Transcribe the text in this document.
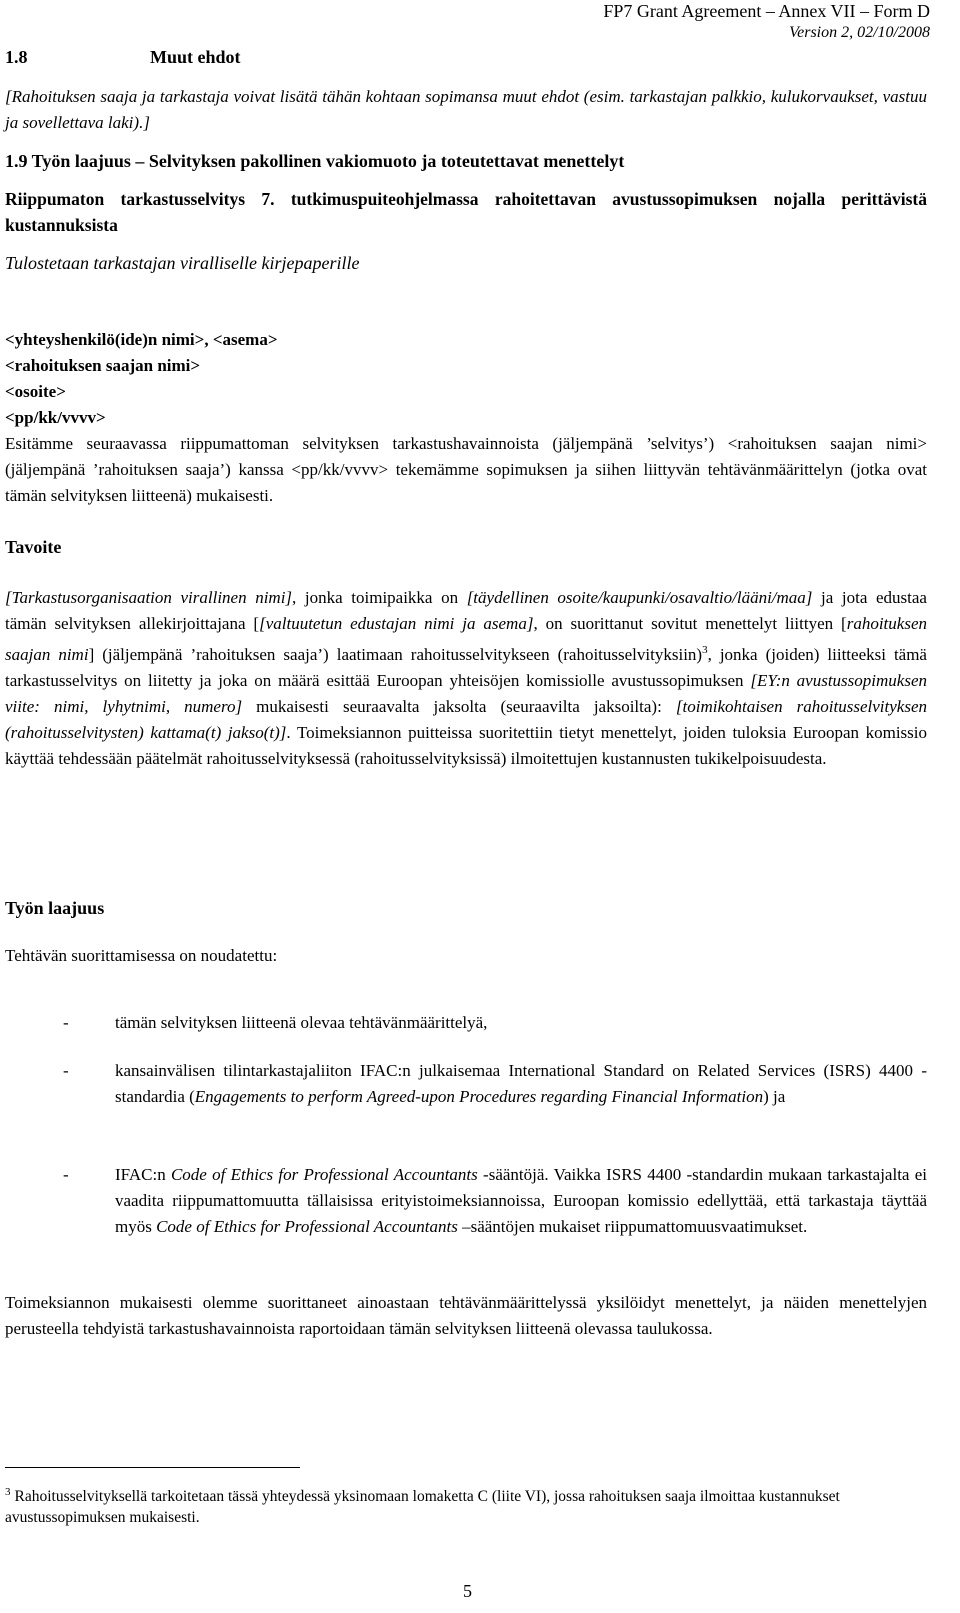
FP7 Grant Agreement – Annex VII – Form D
Version 2, 02/10/2008
1.8	Muut ehdot
[Rahoituksen saaja ja tarkastaja voivat lisätä tähän kohtaan sopimansa muut ehdot (esim. tarkastajan palkkio, kulukorvaukset, vastuu ja sovellettava laki).]
1.9 Työn laajuus – Selvityksen pakollinen vakiomuoto ja toteutettavat menettelyt
Riippumaton tarkastusselvitys 7. tutkimuspuiteohjelmassa rahoitettavan avustussopimuksen nojalla perittävistä kustannuksista
Tulostetaan tarkastajan viralliselle kirjepaperille
<yhteyshenkilö(ide)n nimi>, <asema>
<rahoituksen saajan nimi>
<osoite>
<pp/kk/vvvv>
Esitämme seuraavassa riippumattoman selvityksen tarkastushavainnoista (jäljempänä ’selvitys’) <rahoituksen saajan nimi> (jäljempänä ’rahoituksen saaja’) kanssa <pp/kk/vvvv> tekemämme sopimuksen ja siihen liittyvän tehtävänmäärittelyn (jotka ovat tämän selvityksen liitteenä) mukaisesti.
Tavoite
[Tarkastusorganisaation virallinen nimi], jonka toimipaikka on [täydellinen osoite/kaupunki/osavaltio/lääni/maa] ja jota edustaa tämän selvityksen allekirjoittajana [[valtuutetun edustajan nimi ja asema], on suorittanut sovitut menettelyt liittyen [rahoituksen saajan nimi] (jäljempänä ’rahoituksen saaja’) laatimaan rahoitusselvitykseen (rahoitusselvityksiin)$^3$, jonka (joiden) liitteeksi tämä tarkastusselvitys on liitetty ja joka on määrä esittää Euroopan yhteisöjen komissiolle avustussopimuksen [EY:n avustussopimuksen viite: nimi, lyhytnimi, numero] mukaisesti seuraavalta jaksolta (seuraavilta jaksoilta): [toimikohtaisen rahoitusselvityksen (rahoitusselvitysten) kattama(t) jakso(t)]. Toimeksiannon puitteissa suoritettiin tietyt menettelyt, joiden tuloksia Euroopan komissio käyttää tehdessään päätelmät rahoitusselvityksessä (rahoitusselvityksissä) ilmoitettujen kustannusten tukikelpoisuudesta.
Työn laajuus
Tehtävän suorittamisessa on noudatettu:
-	tämän selvityksen liitteenä olevaa tehtävänmäärittelyä,
-	kansainvälisen tilintarkastajaliiton IFAC:n julkaisemaa International Standard on Related Services (ISRS) 4400 -standardia (Engagements to perform Agreed-upon Procedures regarding Financial Information) ja
-	IFAC:n Code of Ethics for Professional Accountants -sääntöjä. Vaikka ISRS 4400 -standardin mukaan tarkastajalta ei vaadita riippumattomuutta tällaisissa erityistoimeksiannoissa, Euroopan komissio edellyttää, että tarkastaja täyttää myös Code of Ethics for Professional Accountants –sääntöjen mukaiset riippumattomuusvaatimukset.
Toimeksiannon mukaisesti olemme suorittaneet ainoastaan tehtävänmäärittelyssä yksilöidyt menettelyt, ja näiden menettelyjen perusteella tehdyistä tarkastushavainnoista raportoidaan tämän selvityksen liitteenä olevassa taulukossa.
$^3$ Rahoitusselvityksellä tarkoitetaan tässä yhteydessä yksinomaan lomaketta C (liite VI), jossa rahoituksen saaja ilmoittaa kustannukset avustussopimuksen mukaisesti.
5
